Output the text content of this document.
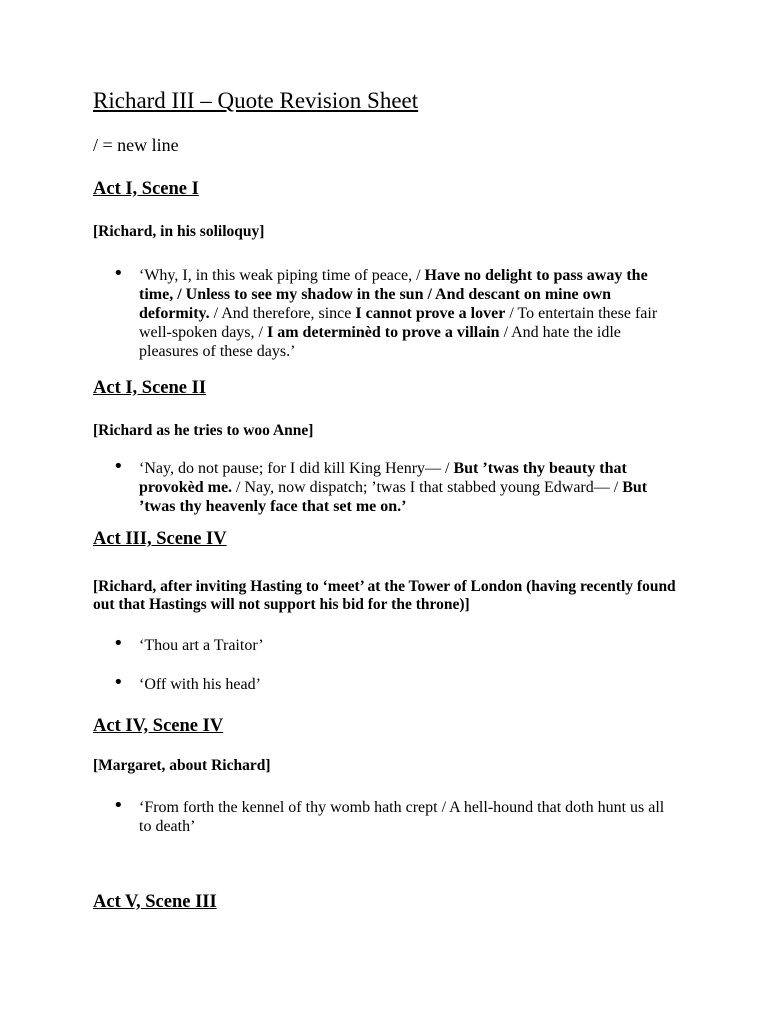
Richard III – Quote Revision Sheet
/ = new line
Act I, Scene I
[Richard, in his soliloquy]
• ‘Why, I, in this weak piping time of peace, / Have no delight to pass away the time, / Unless to see my shadow in the sun / And descant on mine own deformity. / And therefore, since I cannot prove a lover / To entertain these fair well-spoken days, / I am determinèd to prove a villain / And hate the idle pleasures of these days.’
Act I, Scene II
[Richard as he tries to woo Anne]
• ‘Nay, do not pause; for I did kill King Henry— / But ’twas thy beauty that provokèd me. / Nay, now dispatch; ’twas I that stabbed young Edward— / But ’twas thy heavenly face that set me on.’
Act III, Scene IV
[Richard, after inviting Hasting to ‘meet’ at the Tower of London (having recently found out that Hastings will not support his bid for the throne)]
• ‘Thou art a Traitor’
• ‘Off with his head’
Act IV, Scene IV
[Margaret, about Richard]
• ‘From forth the kennel of thy womb hath crept / A hell-hound that doth hunt us all to death’
Act V, Scene III
